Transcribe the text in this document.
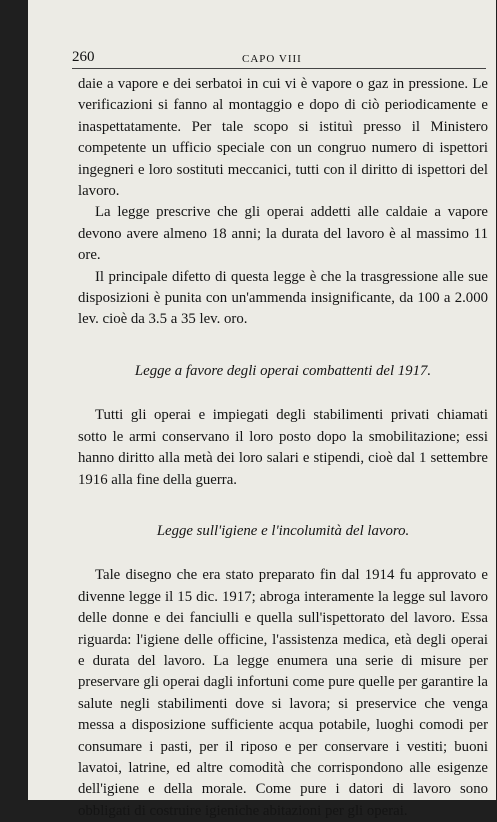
260	CAPO VIII

daie a vapore e dei serbatoi in cui vi è vapore o gaz in pressione. Le verificazioni si fanno al montaggio e dopo di ciò periodicamente e inaspettatamente. Per tale scopo si istituì presso il Ministero competente un ufficio speciale con un congruo numero di ispettori ingegneri e loro sostituti meccanici, tutti con il diritto di ispettori del lavoro.

La legge prescrive che gli operai addetti alle caldaie a vapore devono avere almeno 18 anni; la durata del lavoro è al massimo 11 ore.

Il principale difetto di questa legge è che la trasgressione alle sue disposizioni è punita con un'ammenda insignificante, da 100 a 2.000 lev. cioè da 3.5 a 35 lev. oro.

Legge a favore degli operai combattenti del 1917.

Tutti gli operai e impiegati degli stabilimenti privati chiamati sotto le armi conservano il loro posto dopo la smobilitazione; essi hanno diritto alla metà dei loro salari e stipendi, cioè dal 1 settembre 1916 alla fine della guerra.

Legge sull'igiene e l'incolumità del lavoro.

Tale disegno che era stato preparato fin dal 1914 fu approvato e divenne legge il 15 dic. 1917; abroga interamente la legge sul lavoro delle donne e dei fanciulli e quella sull'ispettorato del lavoro. Essa riguarda: l'igiene delle officine, l'assistenza medica, età degli operai e durata del lavoro. La legge enumera una serie di misure per preservare gli operai dagli infortuni come pure quelle per garantire la salute negli stabilimenti dove si lavora; si preservice che venga messa a disposizione sufficiente acqua potabile, luoghi comodi per consumare i pasti, per il riposo e per conservare i vestiti; buoni lavatoi, latrine, ed altre comodità che corrispondono alle esigenze dell'igiene e della morale. Come pure i datori di lavoro sono obbligati di costruire igieniche abitazioni per gli operai.
